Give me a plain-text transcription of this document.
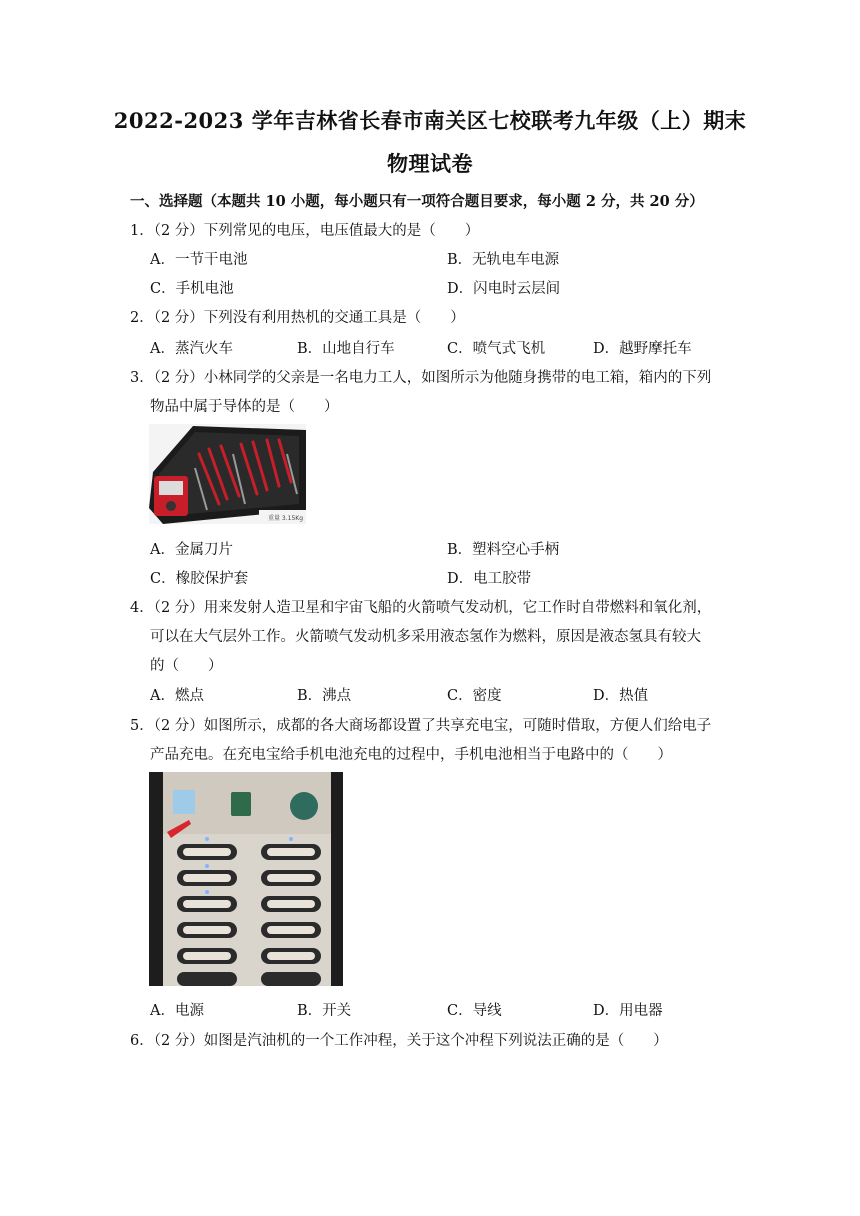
2022-2023 学年吉林省长春市南关区七校联考九年级（上）期末
物理试卷
一、选择题（本题共 10 小题，每小题只有一项符合题目要求，每小题 2 分，共 20 分）
1．（2 分）下列常见的电压，电压值最大的是（　　）
A．一节干电池	B．无轨电车电源
C．手机电池	D．闪电时云层间
2．（2 分）下列没有利用热机的交通工具是（　　）
A．蒸汽火车	B．山地自行车	C．喷气式飞机	D．越野摩托车
3．（2 分）小林同学的父亲是一名电力工人，如图所示为他随身携带的电工箱，箱内的下列
物品中属于导体的是（　　）
重量 3.15Kg
A．金属刀片	B．塑料空心手柄
C．橡胶保护套	D．电工胶带
4．（2 分）用来发射人造卫星和宇宙飞船的火箭喷气发动机，它工作时自带燃料和氧化剂，
可以在大气层外工作。火箭喷气发动机多采用液态氢作为燃料，原因是液态氢具有较大
的（　　）
A．燃点	B．沸点	C．密度	D．热值
5．（2 分）如图所示，成都的各大商场都设置了共享充电宝，可随时借取，方便人们给电子
产品充电。在充电宝给手机电池充电的过程中，手机电池相当于电路中的（　　）
A．电源	B．开关	C．导线	D．用电器
6．（2 分）如图是汽油机的一个工作冲程，关于这个冲程下列说法正确的是（　　）
